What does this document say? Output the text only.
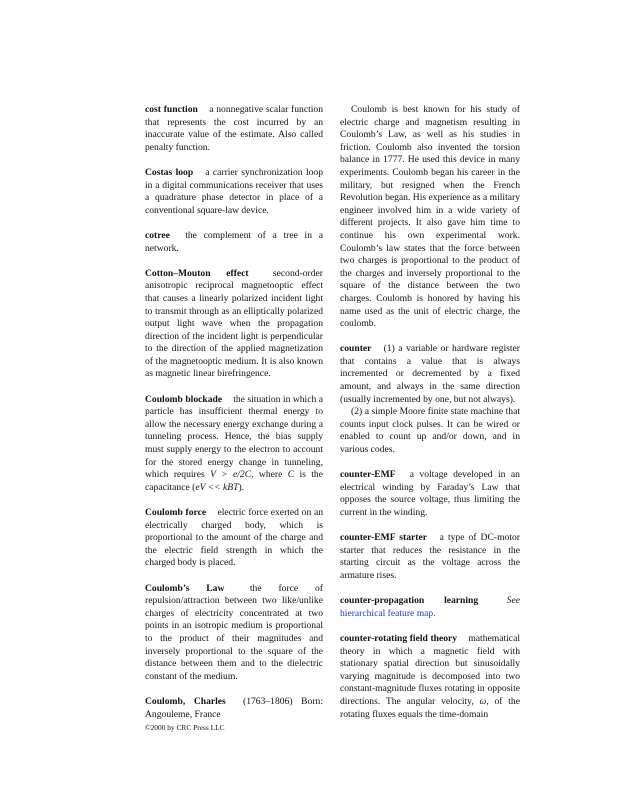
cost function a nonnegative scalar function that represents the cost incurred by an inaccurate value of the estimate. Also called penalty function.

Costas loop a carrier synchronization loop in a digital communications receiver that uses a quadrature phase detector in place of a conventional square-law device.

cotree the complement of a tree in a network.

Cotton–Mouton effect	second-order anisotropic reciprocal magnetooptic effect that causes a linearly polarized incident light to transmit through as an elliptically polarized output light wave when the propagation direction of the incident light is perpendicular to the direction of the applied magnetization of the magnetooptic medium. It is also known as magnetic linear birefringence.

Coulomb blockade the situation in which a particle has insufficient thermal energy to allow the necessary energy exchange during a tunneling process. Hence, the bias supply must supply energy to the electron to account for the stored energy change in tunneling, which requires V > e/2C, where C is the capacitance (eV << kBT).

Coulomb force electric force exerted on an electrically charged body, which is proportional to the amount of the charge and the electric field strength in which the charged body is placed.

Coulomb’s Law	the force of repulsion/attraction between two like/unlike charges of electricity concentrated at two points in an isotropic medium is proportional to the product of their magnitudes and inversely proportional to the square of the distance between them and to the dielectric constant of the medium.

Coulomb, Charles (1763–1806) Born: Angouleme, France

Coulomb is best known for his study of electric charge and magnetism resulting in Coulomb’s Law, as well as his studies in friction. Coulomb also invented the torsion balance in 1777. He used this device in many experiments. Coulomb began his career in the military, but resigned when the French Revolution began. His experience as a military engineer involved him in a wide variety of different projects. It also gave him time to continue his own experimental work. Coulomb’s law states that the force between two charges is proportional to the product of the charges and inversely proportional to the square of the distance between the two charges. Coulomb is honored by having his name used as the unit of electric charge, the coulomb.

counter (1) a variable or hardware register that contains a value that is always incremented or decremented by a fixed amount, and always in the same direction (usually incremented by one, but not always).

(2) a simple Moore finite state machine that counts input clock pulses. It can be wired or enabled to count up and/or down, and in various codes.

counter-EMF a voltage developed in an electrical winding by Faraday’s Law that opposes the source voltage, thus limiting the current in the winding.

counter-EMF starter a type of DC-motor starter that reduces the resistance in the starting circuit as the voltage across the armature rises.

counter-propagation learning	See hierarchical feature map.

counter-rotating field theory mathematical theory in which a magnetic field with stationary spatial direction but sinusoidally varying magnitude is decomposed into two constant-magnitude fluxes rotating in opposite directions. The angular velocity, ω, of the rotating fluxes equals the time-domain

©2000 by CRC Press LLC
